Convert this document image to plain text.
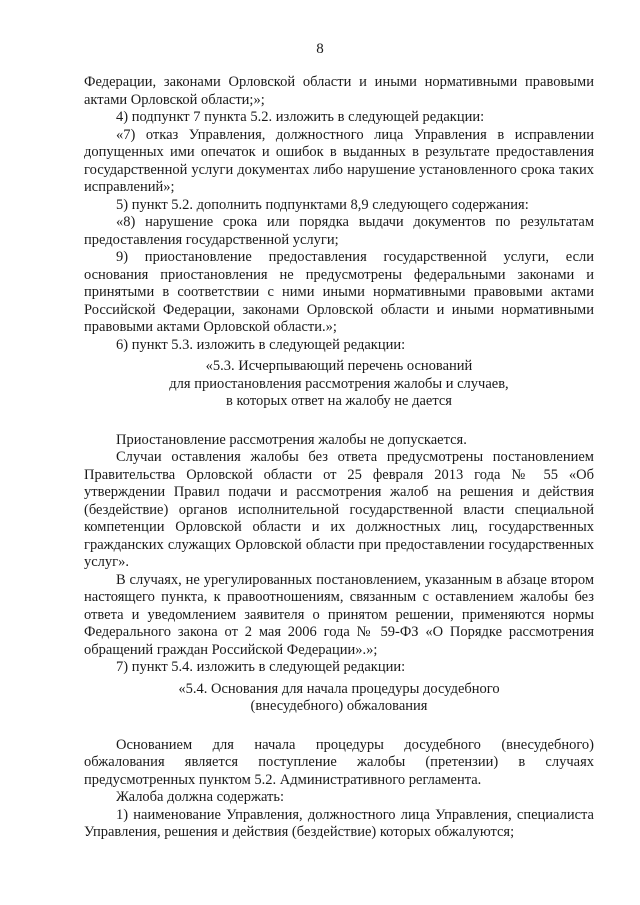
8

Федерации, законами Орловской области и иными нормативными правовыми актами Орловской области;»;

4) подпункт 7 пункта 5.2. изложить в следующей редакции:

«7) отказ Управления, должностного лица Управления в исправлении допущенных ими опечаток и ошибок в выданных в результате предоставления государственной услуги документах либо нарушение установленного срока таких исправлений»;

5) пункт 5.2. дополнить подпунктами 8,9 следующего содержания:

«8) нарушение срока или порядка выдачи документов по результатам предоставления государственной услуги;

9) приостановление предоставления государственной услуги, если основания приостановления не предусмотрены федеральными законами и принятыми в соответствии с ними иными нормативными правовыми актами Российской Федерации, законами Орловской области и иными нормативными правовыми актами Орловской области.»;

6) пункт 5.3. изложить в следующей редакции:

«5.3. Исчерпывающий перечень оснований

для приостановления рассмотрения жалобы и случаев,

в которых ответ на жалобу не дается

Приостановление рассмотрения жалобы не допускается.

Случаи оставления жалобы без ответа предусмотрены постановлением Правительства Орловской области от 25 февраля 2013 года № 55 «Об утверждении Правил подачи и рассмотрения жалоб на решения и действия (бездействие) органов исполнительной государственной власти специальной компетенции Орловской области и их должностных лиц, государственных гражданских служащих Орловской области при предоставлении государственных услуг».

В случаях, не урегулированных постановлением, указанным в абзаце втором настоящего пункта, к правоотношениям, связанным с оставлением жалобы без ответа и уведомлением заявителя о принятом решении, применяются нормы Федерального закона от 2 мая 2006 года № 59-ФЗ «О Порядке рассмотрения обращений граждан Российской Федерации».»;

7) пункт 5.4. изложить в следующей редакции:

«5.4. Основания для начала процедуры досудебного

(внесудебного) обжалования

Основанием для начала процедуры досудебного (внесудебного) обжалования является поступление жалобы (претензии) в случаях предусмотренных пунктом 5.2. Административного регламента.

Жалоба должна содержать:

1) наименование Управления, должностного лица Управления, специалиста Управления, решения и действия (бездействие) которых обжалуются;
